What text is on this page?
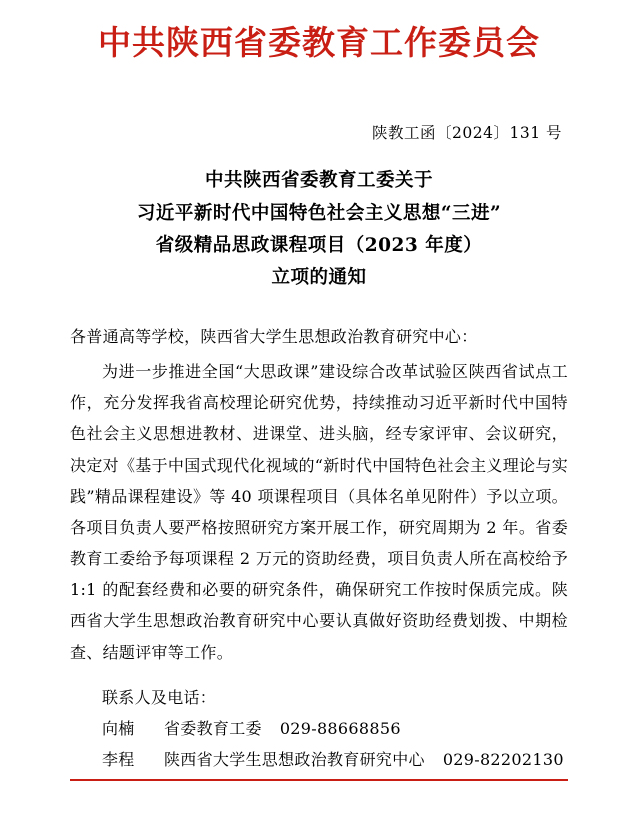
中共陕西省委教育工作委员会
陕教工函〔2024〕131 号
中共陕西省委教育工委关于
习近平新时代中国特色社会主义思想“三进”
省级精品思政课程项目（2023 年度）
立项的通知
各普通高等学校，陕西省大学生思想政治教育研究中心：
为进一步推进全国“大思政课”建设综合改革试验区陕西省试点工作，充分发挥我省高校理论研究优势，持续推动习近平新时代中国特色社会主义思想进教材、进课堂、进头脑，经专家评审、会议研究，决定对《基于中国式现代化视域的“新时代中国特色社会主义理论与实践”精品课程建设》等 40 项课程项目（具体名单见附件）予以立项。各项目负责人要严格按照研究方案开展工作，研究周期为 2 年。省委教育工委给予每项课程 2 万元的资助经费，项目负责人所在高校给予 1:1 的配套经费和必要的研究条件，确保研究工作按时保质完成。陕西省大学生思想政治教育研究中心要认真做好资助经费划拨、中期检查、结题评审等工作。
联系人及电话：
向楠	省委教育工委	029-88668856
李程	陕西省大学生思想政治教育研究中心	029-82202130
